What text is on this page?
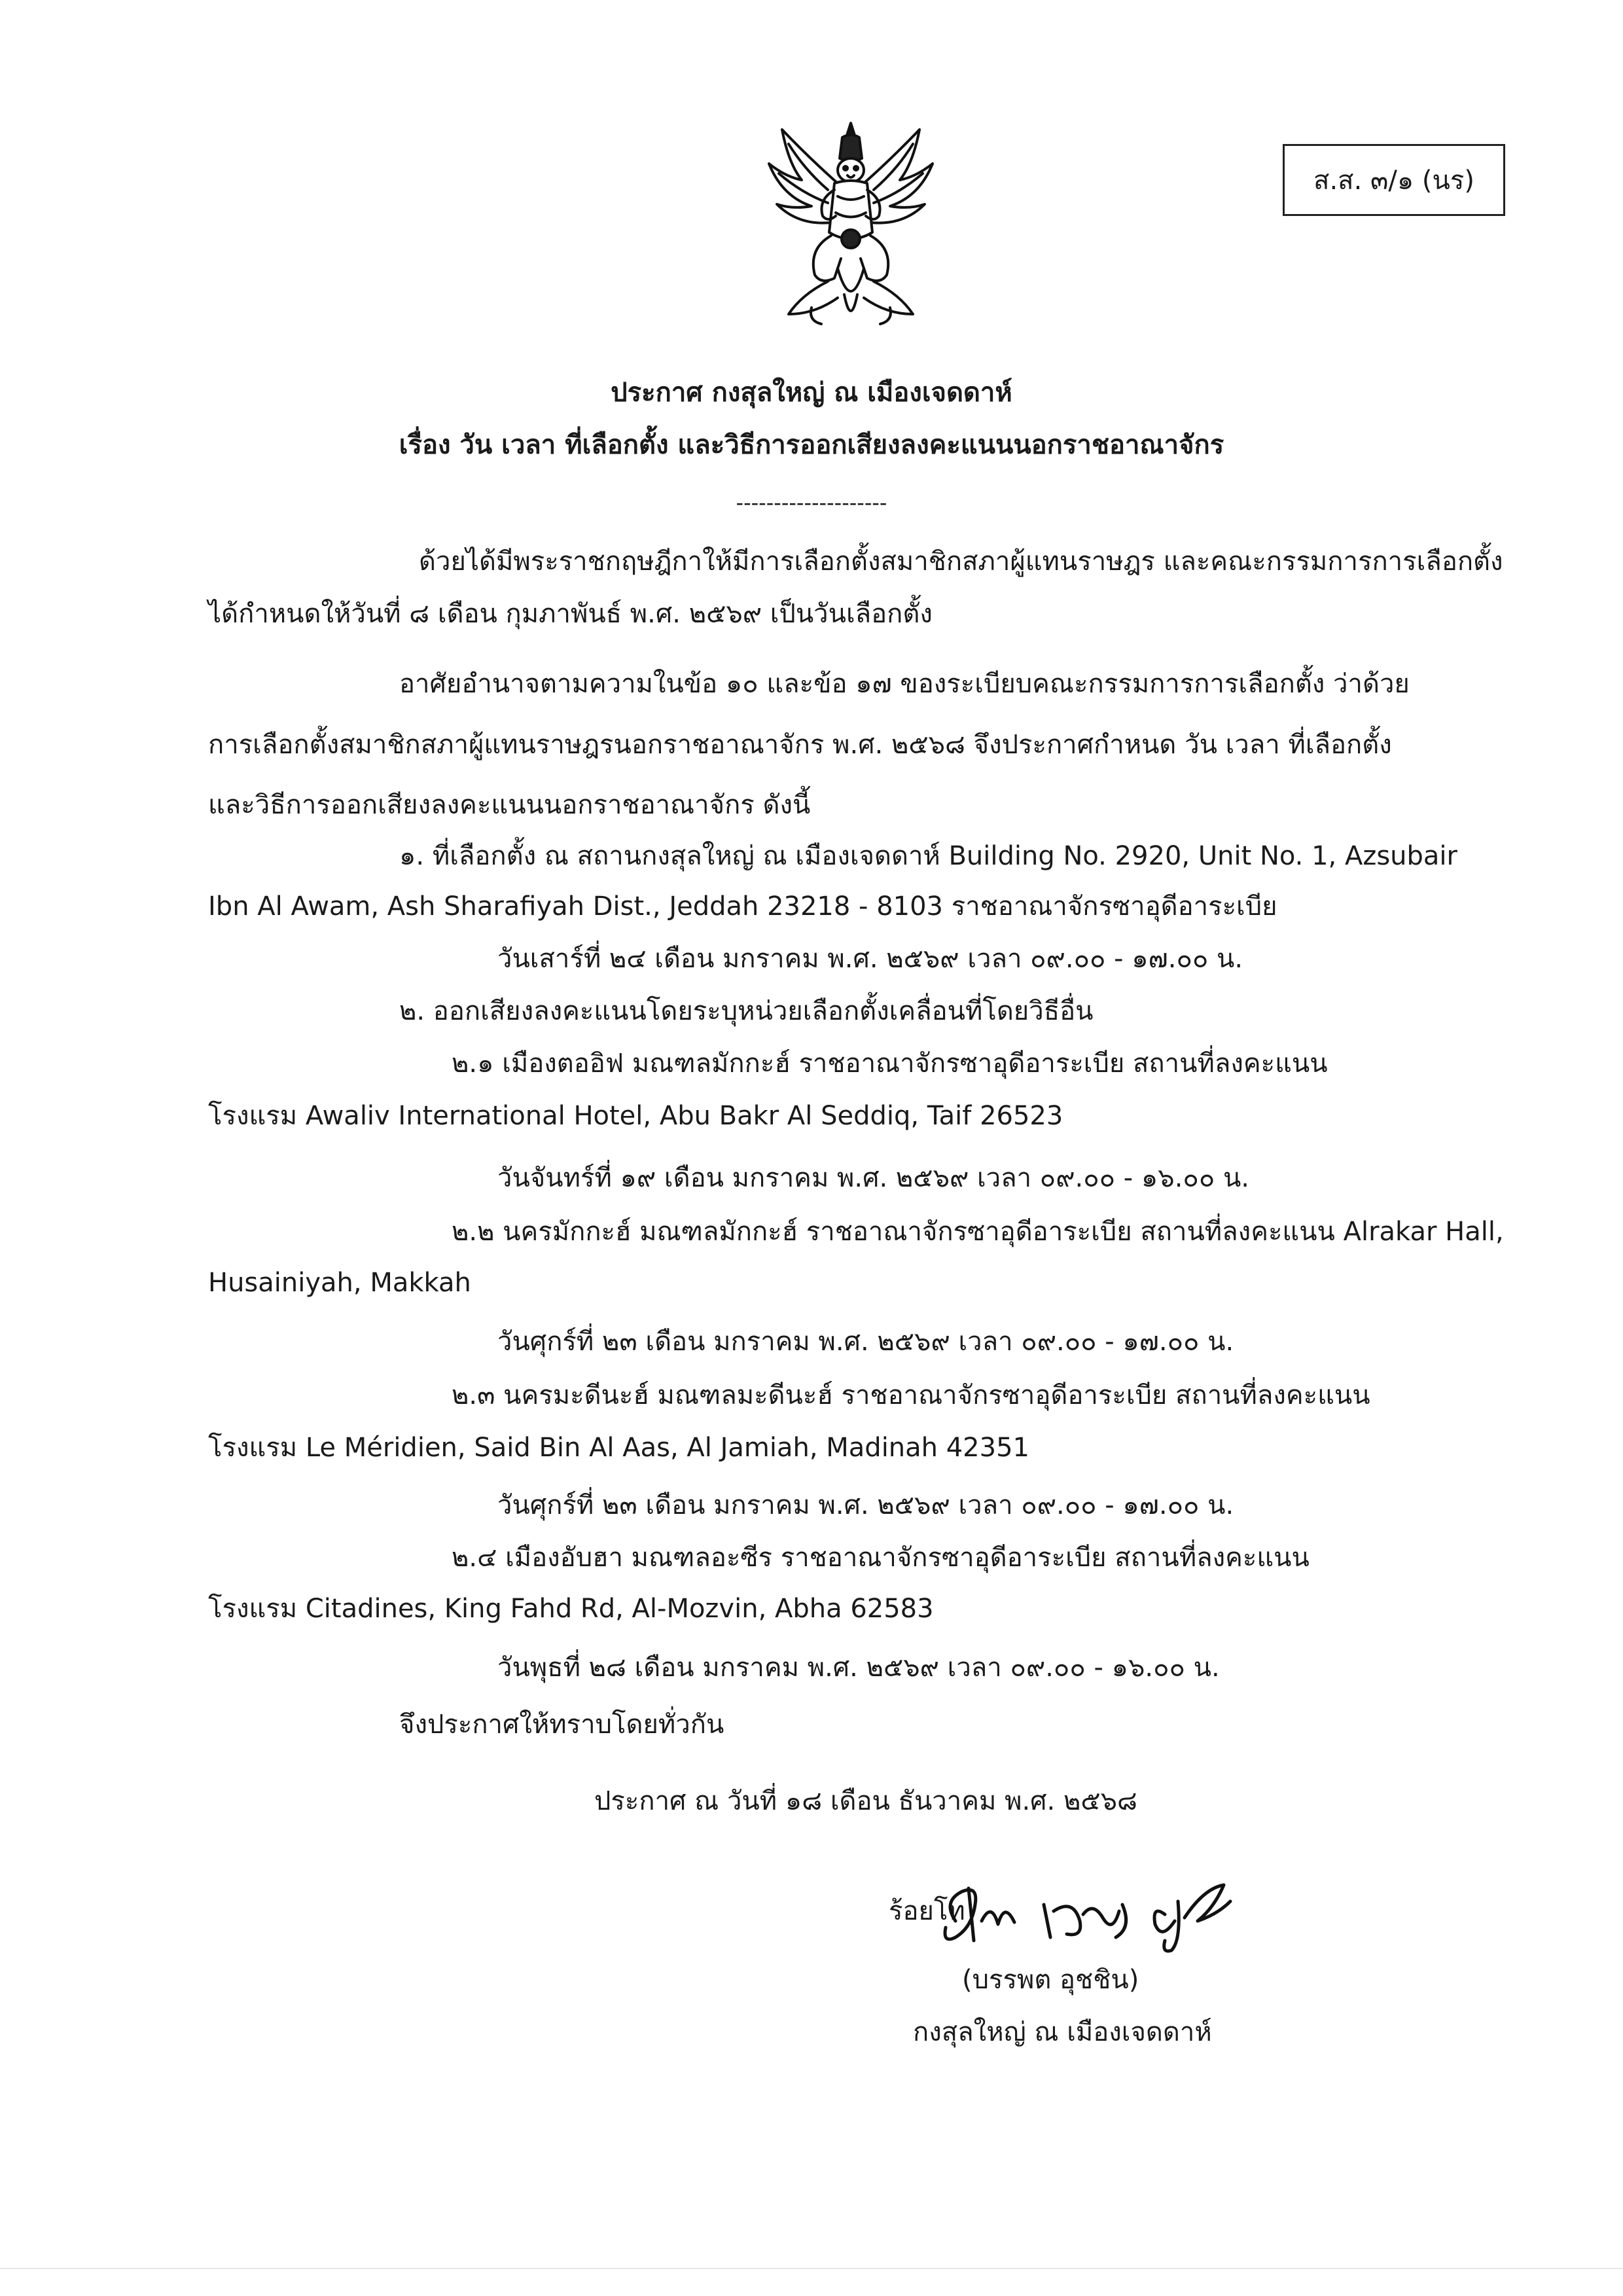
ส.ส. ๓/๑ (นร)
ประกาศ กงสุลใหญ่ ณ เมืองเจดดาห์
เรื่อง วัน เวลา ที่เลือกตั้ง และวิธีการออกเสียงลงคะแนนนอกราชอาณาจักร
--------------------
ด้วยได้มีพระราชกฤษฎีกาให้มีการเลือกตั้งสมาชิกสภาผู้แทนราษฎร และคณะกรรมการการเลือกตั้ง
ได้กำหนดให้วันที่ ๘ เดือน กุมภาพันธ์ พ.ศ. ๒๕๖๙ เป็นวันเลือกตั้ง
อาศัยอำนาจตามความในข้อ ๑๐ และข้อ ๑๗ ของระเบียบคณะกรรมการการเลือกตั้ง ว่าด้วย
การเลือกตั้งสมาชิกสภาผู้แทนราษฎรนอกราชอาณาจักร พ.ศ. ๒๕๖๘ จึงประกาศกำหนด วัน เวลา ที่เลือกตั้ง
และวิธีการออกเสียงลงคะแนนนอกราชอาณาจักร ดังนี้
๑. ที่เลือกตั้ง ณ สถานกงสุลใหญ่ ณ เมืองเจดดาห์ Building No. 2920, Unit No. 1, Azsubair
Ibn Al Awam, Ash Sharafiyah Dist., Jeddah 23218 - 8103 ราชอาณาจักรซาอุดีอาระเบีย
วันเสาร์ที่ ๒๔ เดือน มกราคม พ.ศ. ๒๕๖๙ เวลา ๐๙.๐๐ - ๑๗.๐๐ น.
๒. ออกเสียงลงคะแนนโดยระบุหน่วยเลือกตั้งเคลื่อนที่โดยวิธีอื่น
๒.๑ เมืองตออิฟ มณฑลมักกะฮ์ ราชอาณาจักรซาอุดีอาระเบีย สถานที่ลงคะแนน
โรงแรม Awaliv International Hotel, Abu Bakr Al Seddiq, Taif 26523
วันจันทร์ที่ ๑๙ เดือน มกราคม พ.ศ. ๒๕๖๙ เวลา ๐๙.๐๐ - ๑๖.๐๐ น.
๒.๒ นครมักกะฮ์ มณฑลมักกะฮ์ ราชอาณาจักรซาอุดีอาระเบีย สถานที่ลงคะแนน Alrakar Hall,
Husainiyah, Makkah
วันศุกร์ที่ ๒๓ เดือน มกราคม พ.ศ. ๒๕๖๙ เวลา ๐๙.๐๐ - ๑๗.๐๐ น.
๒.๓ นครมะดีนะฮ์ มณฑลมะดีนะฮ์ ราชอาณาจักรซาอุดีอาระเบีย สถานที่ลงคะแนน
โรงแรม Le Méridien, Said Bin Al Aas, Al Jamiah, Madinah 42351
วันศุกร์ที่ ๒๓ เดือน มกราคม พ.ศ. ๒๕๖๙ เวลา ๐๙.๐๐ - ๑๗.๐๐ น.
๒.๔ เมืองอับฮา มณฑลอะซีร ราชอาณาจักรซาอุดีอาระเบีย สถานที่ลงคะแนน
โรงแรม Citadines, King Fahd Rd, Al-Mozvin, Abha 62583
วันพุธที่ ๒๘ เดือน มกราคม พ.ศ. ๒๕๖๙ เวลา ๐๙.๐๐ - ๑๖.๐๐ น.
จึงประกาศให้ทราบโดยทั่วกัน
ประกาศ ณ วันที่ ๑๘ เดือน ธันวาคม พ.ศ. ๒๕๖๘
ร้อยโท
(บรรพต อุชชิน)
กงสุลใหญ่ ณ เมืองเจดดาห์
